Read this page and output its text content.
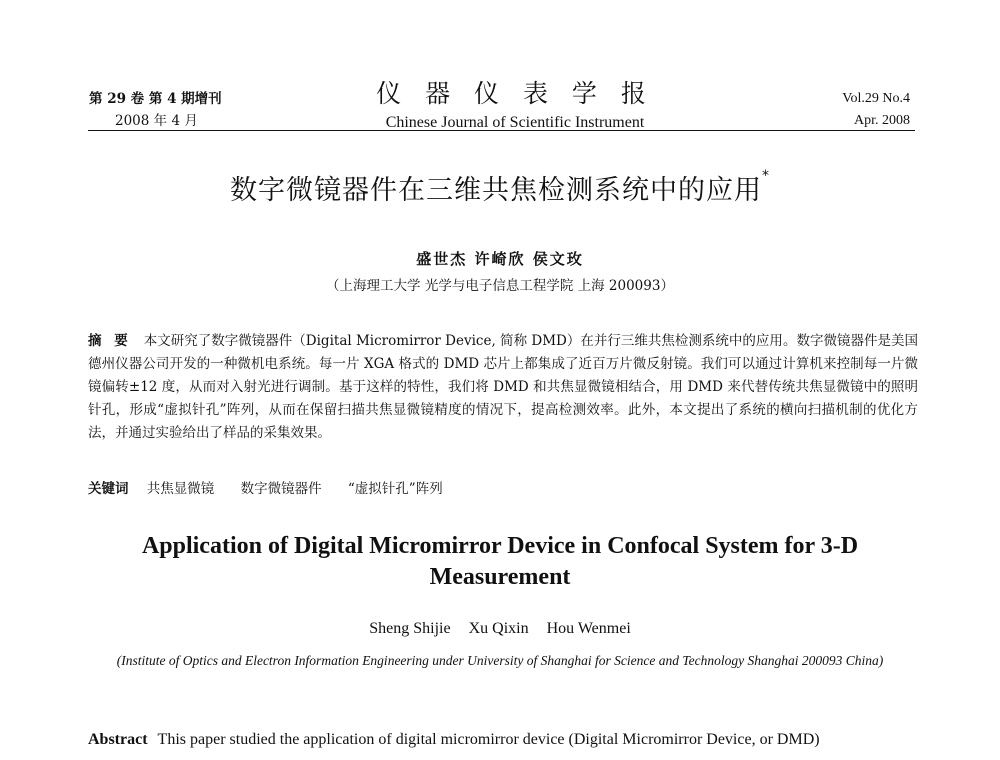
第 29 卷 第 4 期增刊
2008 年 4 月
仪 器 仪 表 学 报
Chinese Journal of Scientific Instrument
Vol.29 No.4
Apr. 2008
数字微镜器件在三维共焦检测系统中的应用*
盛世杰 许崎欣 侯文玫
（上海理工大学 光学与电子信息工程学院 上海 200093）
摘 要 本文研究了数字微镜器件（Digital Micromirror Device, 简称 DMD）在并行三维共焦检测系统中的应用。数字微镜器件是美国德州仪器公司开发的一种微机电系统。每一片 XGA 格式的 DMD 芯片上都集成了近百万片微反射镜。我们可以通过计算机来控制每一片微镜偏转±12 度，从而对入射光进行调制。基于这样的特性，我们将 DMD 和共焦显微镜相结合，用 DMD 来代替传统共焦显微镜中的照明针孔，形成“虚拟针孔”阵列，从而在保留扫描共焦显微镜精度的情况下，提高检测效率。此外，本文提出了系统的横向扫描机制的优化方法，并通过实验给出了样品的采集效果。
关键词 共焦显微镜 数字微镜器件 “虚拟针孔”阵列
Application of Digital Micromirror Device in Confocal System for 3-D Measurement
Sheng Shijie Xu Qixin Hou Wenmei
(Institute of Optics and Electron Information Engineering under University of Shanghai for Science and Technology Shanghai 200093 China)
Abstract This paper studied the application of digital micromirror device (Digital Micromirror Device, or DMD)
